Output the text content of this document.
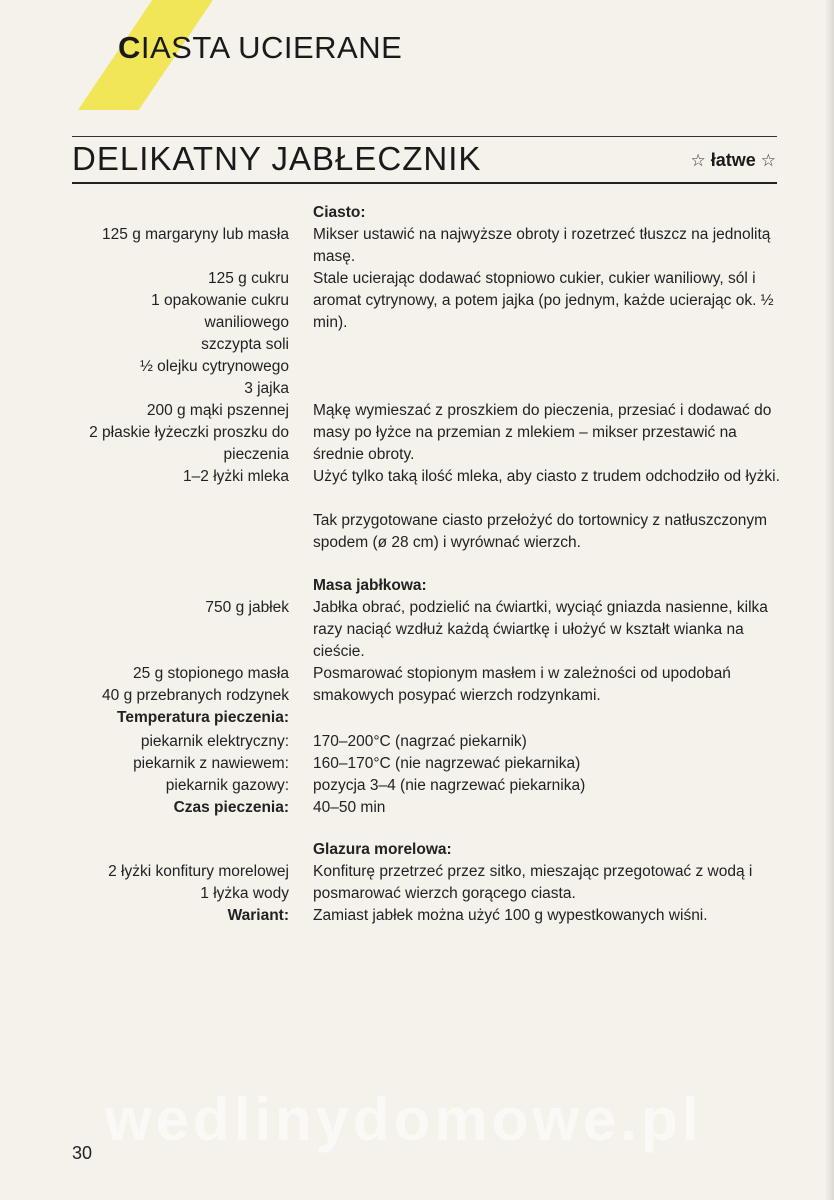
CIASTA UCIERANE
DELIKATNY JABŁECZNIK	☆ łatwe ☆
125 g margaryny lub masła
125 g cukru
1 opakowanie cukru
waniliowego
szczypta soli
½ olejku cytrynowego
3 jajka
200 g mąki pszennej
2 płaskie łyżeczki proszku do
pieczenia
1–2 łyżki mleka
750 g jabłek
25 g stopionego masła
40 g przebranych rodzynek
Temperatura pieczenia:
piekarnik elektryczny:
piekarnik z nawiewem:
piekarnik gazowy:
Czas pieczenia:
2 łyżki konfitury morelowej
1 łyżka wody
Wariant:
Ciasto:
Mikser ustawić na najwyższe obroty i rozetrzeć tłuszcz na jednolitą masę.
Stale ucierając dodawać stopniowo cukier, cukier waniliowy, sól i aromat cytrynowy, a potem jajka (po jednym, każde ucierając ok. ½ min).
Mąkę wymieszać z proszkiem do pieczenia, przesiać i dodawać do masy po łyżce na przemian z mlekiem – mikser przestawić na średnie obroty.
Użyć tylko taką ilość mleka, aby ciasto z trudem odchodziło od łyżki.
Tak przygotowane ciasto przełożyć do tortownicy z natłuszczonym spodem (ø 28 cm) i wyrównać wierzch.
Masa jabłkowa:
Jabłka obrać, podzielić na ćwiartki, wyciąć gniazda nasienne, kilka razy naciąć wzdłuż każdą ćwiartkę i ułożyć w kształt wianka na cieście.
Posmarować stopionym masłem i w zależności od upodobań smakowych posypać wierzch rodzynkami.
170–200°C (nagrzać piekarnik)
160–170°C (nie nagrzewać piekarnika)
pozycja 3–4 (nie nagrzewać piekarnika)
40–50 min
Glazura morelowa:
Konfiturę przetrzeć przez sitko, mieszając przegotować z wodą i posmarować wierzch gorącego ciasta.
Zamiast jabłek można użyć 100 g wypestkowanych wiśni.
wedlinydomowe.pl
30
